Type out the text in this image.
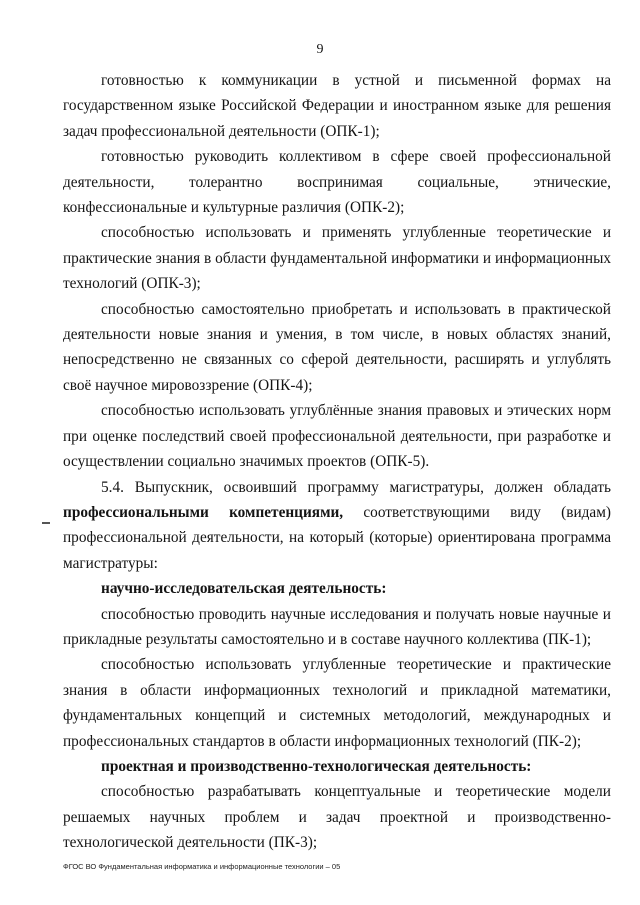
9

готовностью к коммуникации в устной и письменной формах на государственном языке Российской Федерации и иностранном языке для решения задач профессиональной деятельности (ОПК-1);

готовностью руководить коллективом в сфере своей профессиональной деятельности, толерантно воспринимая социальные, этнические, конфессиональные и культурные различия (ОПК-2);

способностью использовать и применять углубленные теоретические и практические знания в области фундаментальной информатики и информационных технологий (ОПК-3);

способностью самостоятельно приобретать и использовать в практической деятельности новые знания и умения, в том числе, в новых областях знаний, непосредственно не связанных со сферой деятельности, расширять и углублять своё научное мировоззрение (ОПК-4);

способностью использовать углублённые знания правовых и этических норм при оценке последствий своей профессиональной деятельности, при разработке и осуществлении социально значимых проектов (ОПК-5).

5.4. Выпускник, освоивший программу магистратуры, должен обладать профессиональными компетенциями, соответствующими виду (видам) профессиональной деятельности, на который (которые) ориентирована программа магистратуры:

научно-исследовательская деятельность:

способностью проводить научные исследования и получать новые научные и прикладные результаты самостоятельно и в составе научного коллектива (ПК-1);

способностью использовать углубленные теоретические и практические знания в области информационных технологий и прикладной математики, фундаментальных концепций и системных методологий, международных и профессиональных стандартов в области информационных технологий (ПК-2);

проектная и производственно-технологическая деятельность:

способностью разрабатывать концептуальные и теоретические модели решаемых научных проблем и задач проектной и производственно-технологической деятельности (ПК-3);

ФГОС ВО Фундаментальная информатика и информационные технологии – 05
